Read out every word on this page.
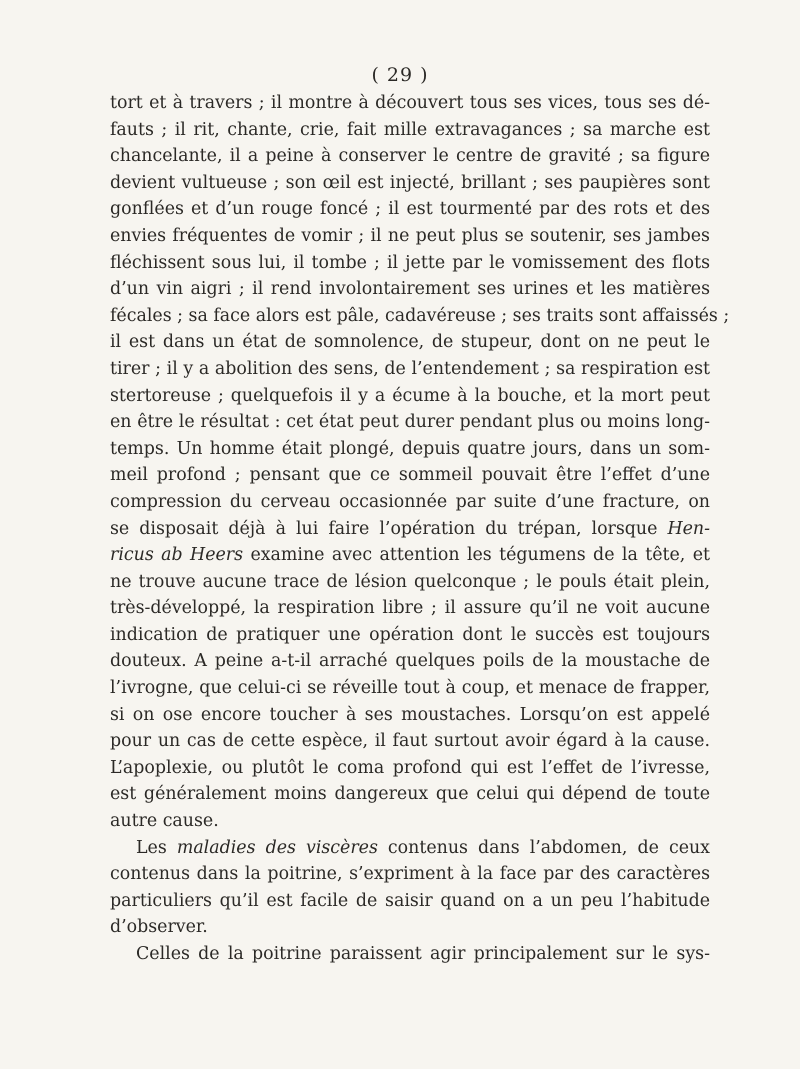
( 29 )
tort et à travers ; il montre à découvert tous ses vices, tous ses dé-
fauts ; il rit, chante, crie, fait mille extravagances ; sa marche est
chancelante, il a peine à conserver le centre de gravité ; sa figure
devient vultueuse ; son œil est injecté, brillant ; ses paupières sont
gonflées et d’un rouge foncé ; il est tourmenté par des rots et des
envies fréquentes de vomir ; il ne peut plus se soutenir, ses jambes
fléchissent sous lui, il tombe ; il jette par le vomissement des flots
d’un vin aigri ; il rend involontairement ses urines et les matières
fécales ; sa face alors est pâle, cadavéreuse ; ses traits sont affaissés ;
il est dans un état de somnolence, de stupeur, dont on ne peut le
tirer ; il y a abolition des sens, de l’entendement ; sa respiration est
stertoreuse ; quelquefois il y a écume à la bouche, et la mort peut
en être le résultat : cet état peut durer pendant plus ou moins long-
temps. Un homme était plongé, depuis quatre jours, dans un som-
meil profond ; pensant que ce sommeil pouvait être l’effet d’une
compression du cerveau occasionnée par suite d’une fracture, on
se disposait déjà à lui faire l’opération du trépan, lorsque Hen-
ricus ab Heers examine avec attention les tégumens de la tête, et
ne trouve aucune trace de lésion quelconque ; le pouls était plein,
très-développé, la respiration libre ; il assure qu’il ne voit aucune
indication de pratiquer une opération dont le succès est toujours
douteux. A peine a-t-il arraché quelques poils de la moustache de
l’ivrogne, que celui-ci se réveille tout à coup, et menace de frapper,
si on ose encore toucher à ses moustaches. Lorsqu’on est appelé
pour un cas de cette espèce, il faut surtout avoir égard à la cause.
L’apoplexie, ou plutôt le coma profond qui est l’effet de l’ivresse,
est généralement moins dangereux que celui qui dépend de toute
autre cause.
Les maladies des viscères contenus dans l’abdomen, de ceux
contenus dans la poitrine, s’expriment à la face par des caractères
particuliers qu’il est facile de saisir quand on a un peu l’habitude
d’observer.
Celles de la poitrine paraissent agir principalement sur le sys-
